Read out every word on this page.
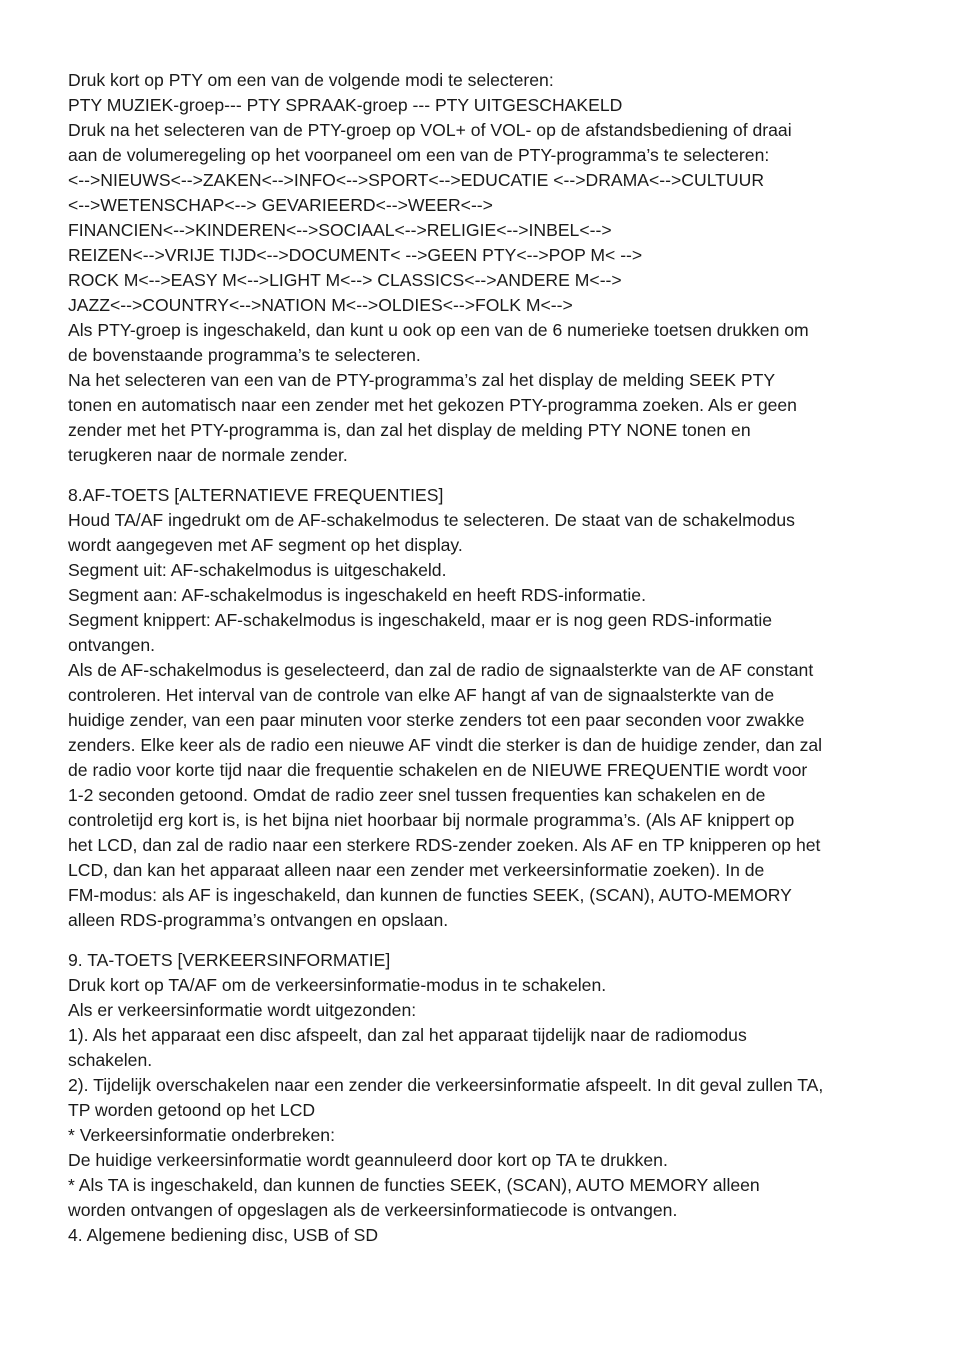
Druk kort op PTY om een van de volgende modi te selecteren:

PTY MUZIEK-groep--- PTY SPRAAK-groep --- PTY UITGESCHAKELD

Druk na het selecteren van de PTY-groep op VOL+ of VOL- op de afstandsbediening of draai

aan de volumeregeling op het voorpaneel om een van de PTY-programma’s te selecteren:

<-->NIEUWS<-->ZAKEN<-->INFO<-->SPORT<-->EDUCATIE <-->DRAMA<-->CULTUUR

<-->WETENSCHAP<--> GEVARIEERD<-->WEER<-->

FINANCIEN<-->KINDEREN<-->SOCIAAL<-->RELIGIE<-->INBEL<-->

REIZEN<-->VRIJE TIJD<-->DOCUMENT< -->GEEN PTY<-->POP M< -->

ROCK M<-->EASY M<-->LIGHT M<--> CLASSICS<-->ANDERE M<-->

JAZZ<-->COUNTRY<-->NATION M<-->OLDIES<-->FOLK M<-->

Als PTY-groep is ingeschakeld, dan kunt u ook op een van de 6 numerieke toetsen drukken om

de bovenstaande programma’s te selecteren.

Na het selecteren van een van de PTY-programma’s zal het display de melding SEEK PTY

tonen en automatisch naar een zender met het gekozen PTY-programma zoeken. Als er geen

zender met het PTY-programma is, dan zal het display de melding PTY NONE tonen en

terugkeren naar de normale zender.

8.AF-TOETS [ALTERNATIEVE FREQUENTIES]

Houd TA/AF ingedrukt om de AF-schakelmodus te selecteren. De staat van de schakelmodus

wordt aangegeven met AF segment op het display.

Segment uit: AF-schakelmodus is uitgeschakeld.

Segment aan: AF-schakelmodus is ingeschakeld en heeft RDS-informatie.

Segment knippert: AF-schakelmodus is ingeschakeld, maar er is nog geen RDS-informatie

ontvangen.

Als de AF-schakelmodus is geselecteerd, dan zal de radio de signaalsterkte van de AF constant

controleren. Het interval van de controle van elke AF hangt af van de signaalsterkte van de

huidige zender, van een paar minuten voor sterke zenders tot een paar seconden voor zwakke

zenders. Elke keer als de radio een nieuwe AF vindt die sterker is dan de huidige zender, dan zal

de radio voor korte tijd naar die frequentie schakelen en de NIEUWE FREQUENTIE wordt voor

1-2 seconden getoond. Omdat de radio zeer snel tussen frequenties kan schakelen en de

controletijd erg kort is, is het bijna niet hoorbaar bij normale programma’s. (Als AF knippert op

het LCD, dan zal de radio naar een sterkere RDS-zender zoeken. Als AF en TP knipperen op het

LCD, dan kan het apparaat alleen naar een zender met verkeersinformatie zoeken). In de

FM-modus: als AF is ingeschakeld, dan kunnen de functies SEEK, (SCAN), AUTO-MEMORY

alleen RDS-programma’s ontvangen en opslaan.

9. TA-TOETS [VERKEERSINFORMATIE]

Druk kort op TA/AF om de verkeersinformatie-modus in te schakelen.

Als er verkeersinformatie wordt uitgezonden:

1). Als het apparaat een disc afspeelt, dan zal het apparaat tijdelijk naar de radiomodus

schakelen.

2). Tijdelijk overschakelen naar een zender die verkeersinformatie afspeelt. In dit geval zullen TA,

TP worden getoond op het LCD

* Verkeersinformatie onderbreken:

De huidige verkeersinformatie wordt geannuleerd door kort op TA te drukken.

* Als TA is ingeschakeld, dan kunnen de functies SEEK, (SCAN), AUTO MEMORY alleen

worden ontvangen of opgeslagen als de verkeersinformatiecode is ontvangen.

4. Algemene bediening disc, USB of SD
